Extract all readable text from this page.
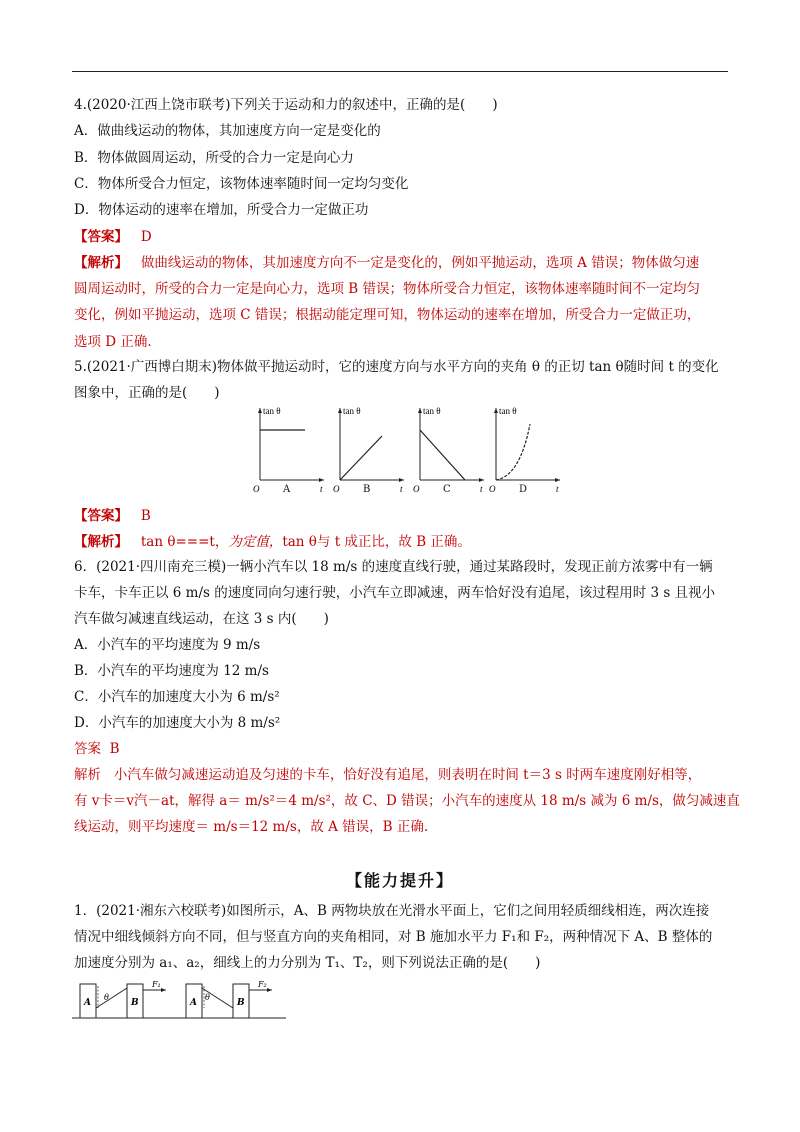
4.(2020·江西上饶市联考)下列关于运动和力的叙述中，正确的是(　　)
A．做曲线运动的物体，其加速度方向一定是变化的
B．物体做圆周运动，所受的合力一定是向心力
C．物体所受合力恒定，该物体速率随时间一定均匀变化
D．物体运动的速率在增加，所受合力一定做正功
【答案】 D
【解析】 做曲线运动的物体，其加速度方向不一定是变化的，例如平抛运动，选项 A 错误；物体做匀速
圆周运动时，所受的合力一定是向心力，选项 B 错误；物体所受合力恒定，该物体速率随时间不一定均匀
变化，例如平抛运动，选项 C 错误；根据动能定理可知，物体运动的速率在增加，所受合力一定做正功，
选项 D 正确.
5.(2021·广西博白期末)物体做平抛运动时，它的速度方向与水平方向的夹角 θ 的正切 tan θ随时间 t 的变化
图象中，正确的是(　　)
tan θ
O	t
A
tan θ
O	t
B
tan θ
O	t
C
tan θ
O	t
D
【答案】 B
【解析】 tan θ===t，为定值，tan θ与 t 成正比，故 B 正确。
6．(2021·四川南充三模)一辆小汽车以 18 m/s 的速度直线行驶，通过某路段时，发现正前方浓雾中有一辆
卡车，卡车正以 6 m/s 的速度同向匀速行驶，小汽车立即减速，两车恰好没有追尾，该过程用时 3 s 且视小
汽车做匀减速直线运动，在这 3 s 内(　　)
A．小汽车的平均速度为 9 m/s
B．小汽车的平均速度为 12 m/s
C．小汽车的加速度大小为 6 m/s²
D．小汽车的加速度大小为 8 m/s²
答案 B
解析 小汽车做匀减速运动追及匀速的卡车，恰好没有追尾，则表明在时间 t＝3 s 时两车速度刚好相等，
有 v卡＝v汽－at，解得 a＝ m/s²＝4 m/s²，故 C、D 错误；小汽车的速度从 18 m/s 减为 6 m/s，做匀减速直
线运动，则平均速度＝ m/s＝12 m/s，故 A 错误，B 正确.
【能力提升】
1．(2021·湘东六校联考)如图所示，A、B 两物块放在光滑水平面上，它们之间用轻质细线相连，两次连接
情况中细线倾斜方向不同，但与竖直方向的夹角相同，对 B 施加水平力 F₁和 F₂，两种情况下 A、B 整体的
加速度分别为 a₁、a₂，细线上的力分别为 T₁、T₂，则下列说法正确的是(　　)
A	B
θ
F₁
A	B
θ
F₂
